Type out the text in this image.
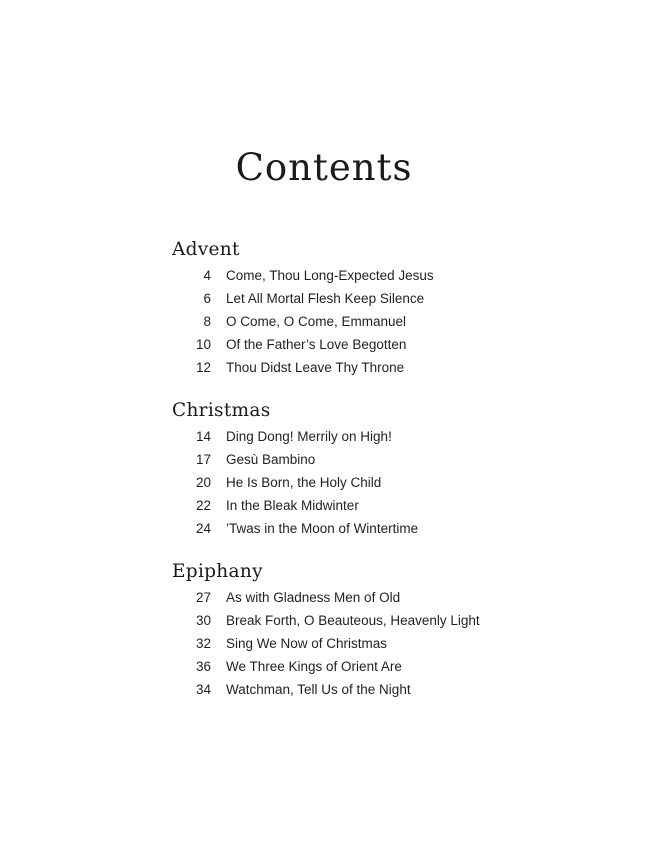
Contents
Advent
4 Come, Thou Long-Expected Jesus
6 Let All Mortal Flesh Keep Silence
8 O Come, O Come, Emmanuel
10 Of the Father’s Love Begotten
12 Thou Didst Leave Thy Throne
Christmas
14 Ding Dong! Merrily on High!
17 Gesù Bambino
20 He Is Born, the Holy Child
22 In the Bleak Midwinter
24 ’Twas in the Moon of Wintertime
Epiphany
27 As with Gladness Men of Old
30 Break Forth, O Beauteous, Heavenly Light
32 Sing We Now of Christmas
36 We Three Kings of Orient Are
34 Watchman, Tell Us of the Night
